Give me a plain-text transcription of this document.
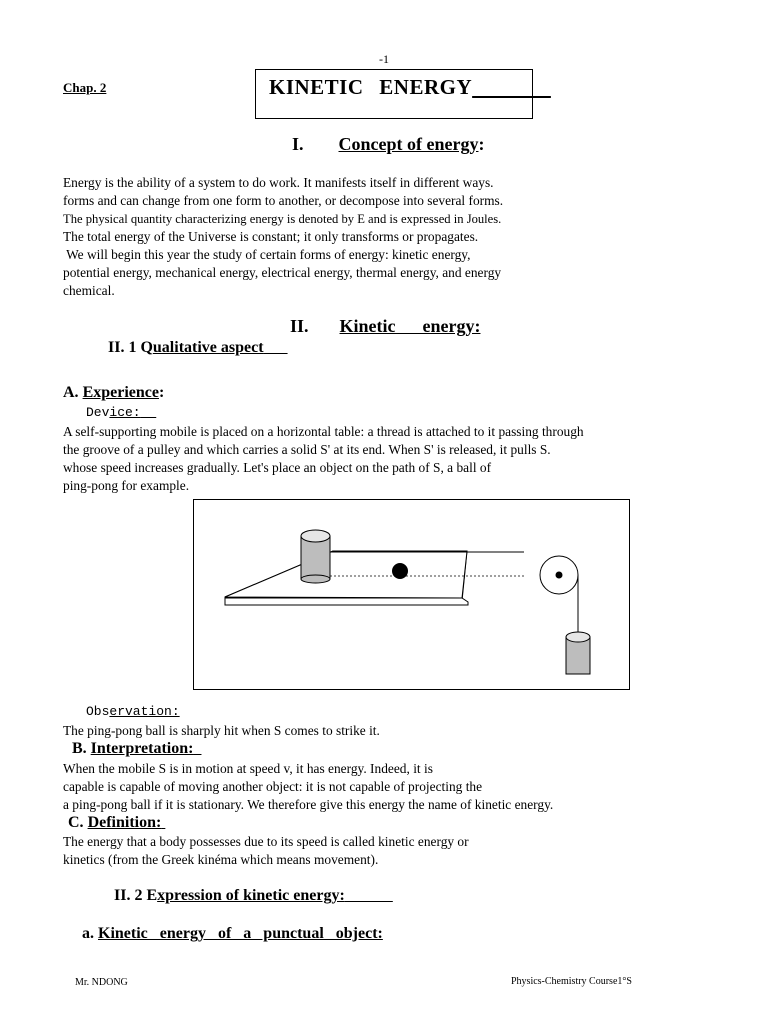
-1
Chap. 2	KINETIC ENERGY
I. Concept of energy:
Energy is the ability of a system to do work. It manifests itself in different ways.
forms and can change from one form to another, or decompose into several forms.
The physical quantity characterizing energy is denoted by E and is expressed in Joules.
The total energy of the Universe is constant; it only transforms or propagates.
We will begin this year the study of certain forms of energy: kinetic energy,
potential energy, mechanical energy, electrical energy, thermal energy, and energy
chemical.
II. Kinetic      energy:
II. 1 Qualitative aspect
A. Experience:
Device:
A self-supporting mobile is placed on a horizontal table: a thread is attached to it passing through
the groove of a pulley and which carries a solid S' at its end. When S' is released, it pulls S.
whose speed increases gradually. Let's place an object on the path of S, a ball of
ping-pong for example.
Observation:
The ping-pong ball is sharply hit when S comes to strike it.
B. Interpretation:
When the mobile S is in motion at speed v, it has energy. Indeed, it is
capable is capable of moving another object: it is not capable of projecting the
a ping-pong ball if it is stationary. We therefore give this energy the name of kinetic energy.
C. Definition:
The energy that a body possesses due to its speed is called kinetic energy or
kinetics (from the Greek kinéma which means movement).
II. 2 Expression of kinetic energy:
a. Kinetic   energy   of   a   punctual   object:
Mr. NDONG	Physics-Chemistry Course1°S
